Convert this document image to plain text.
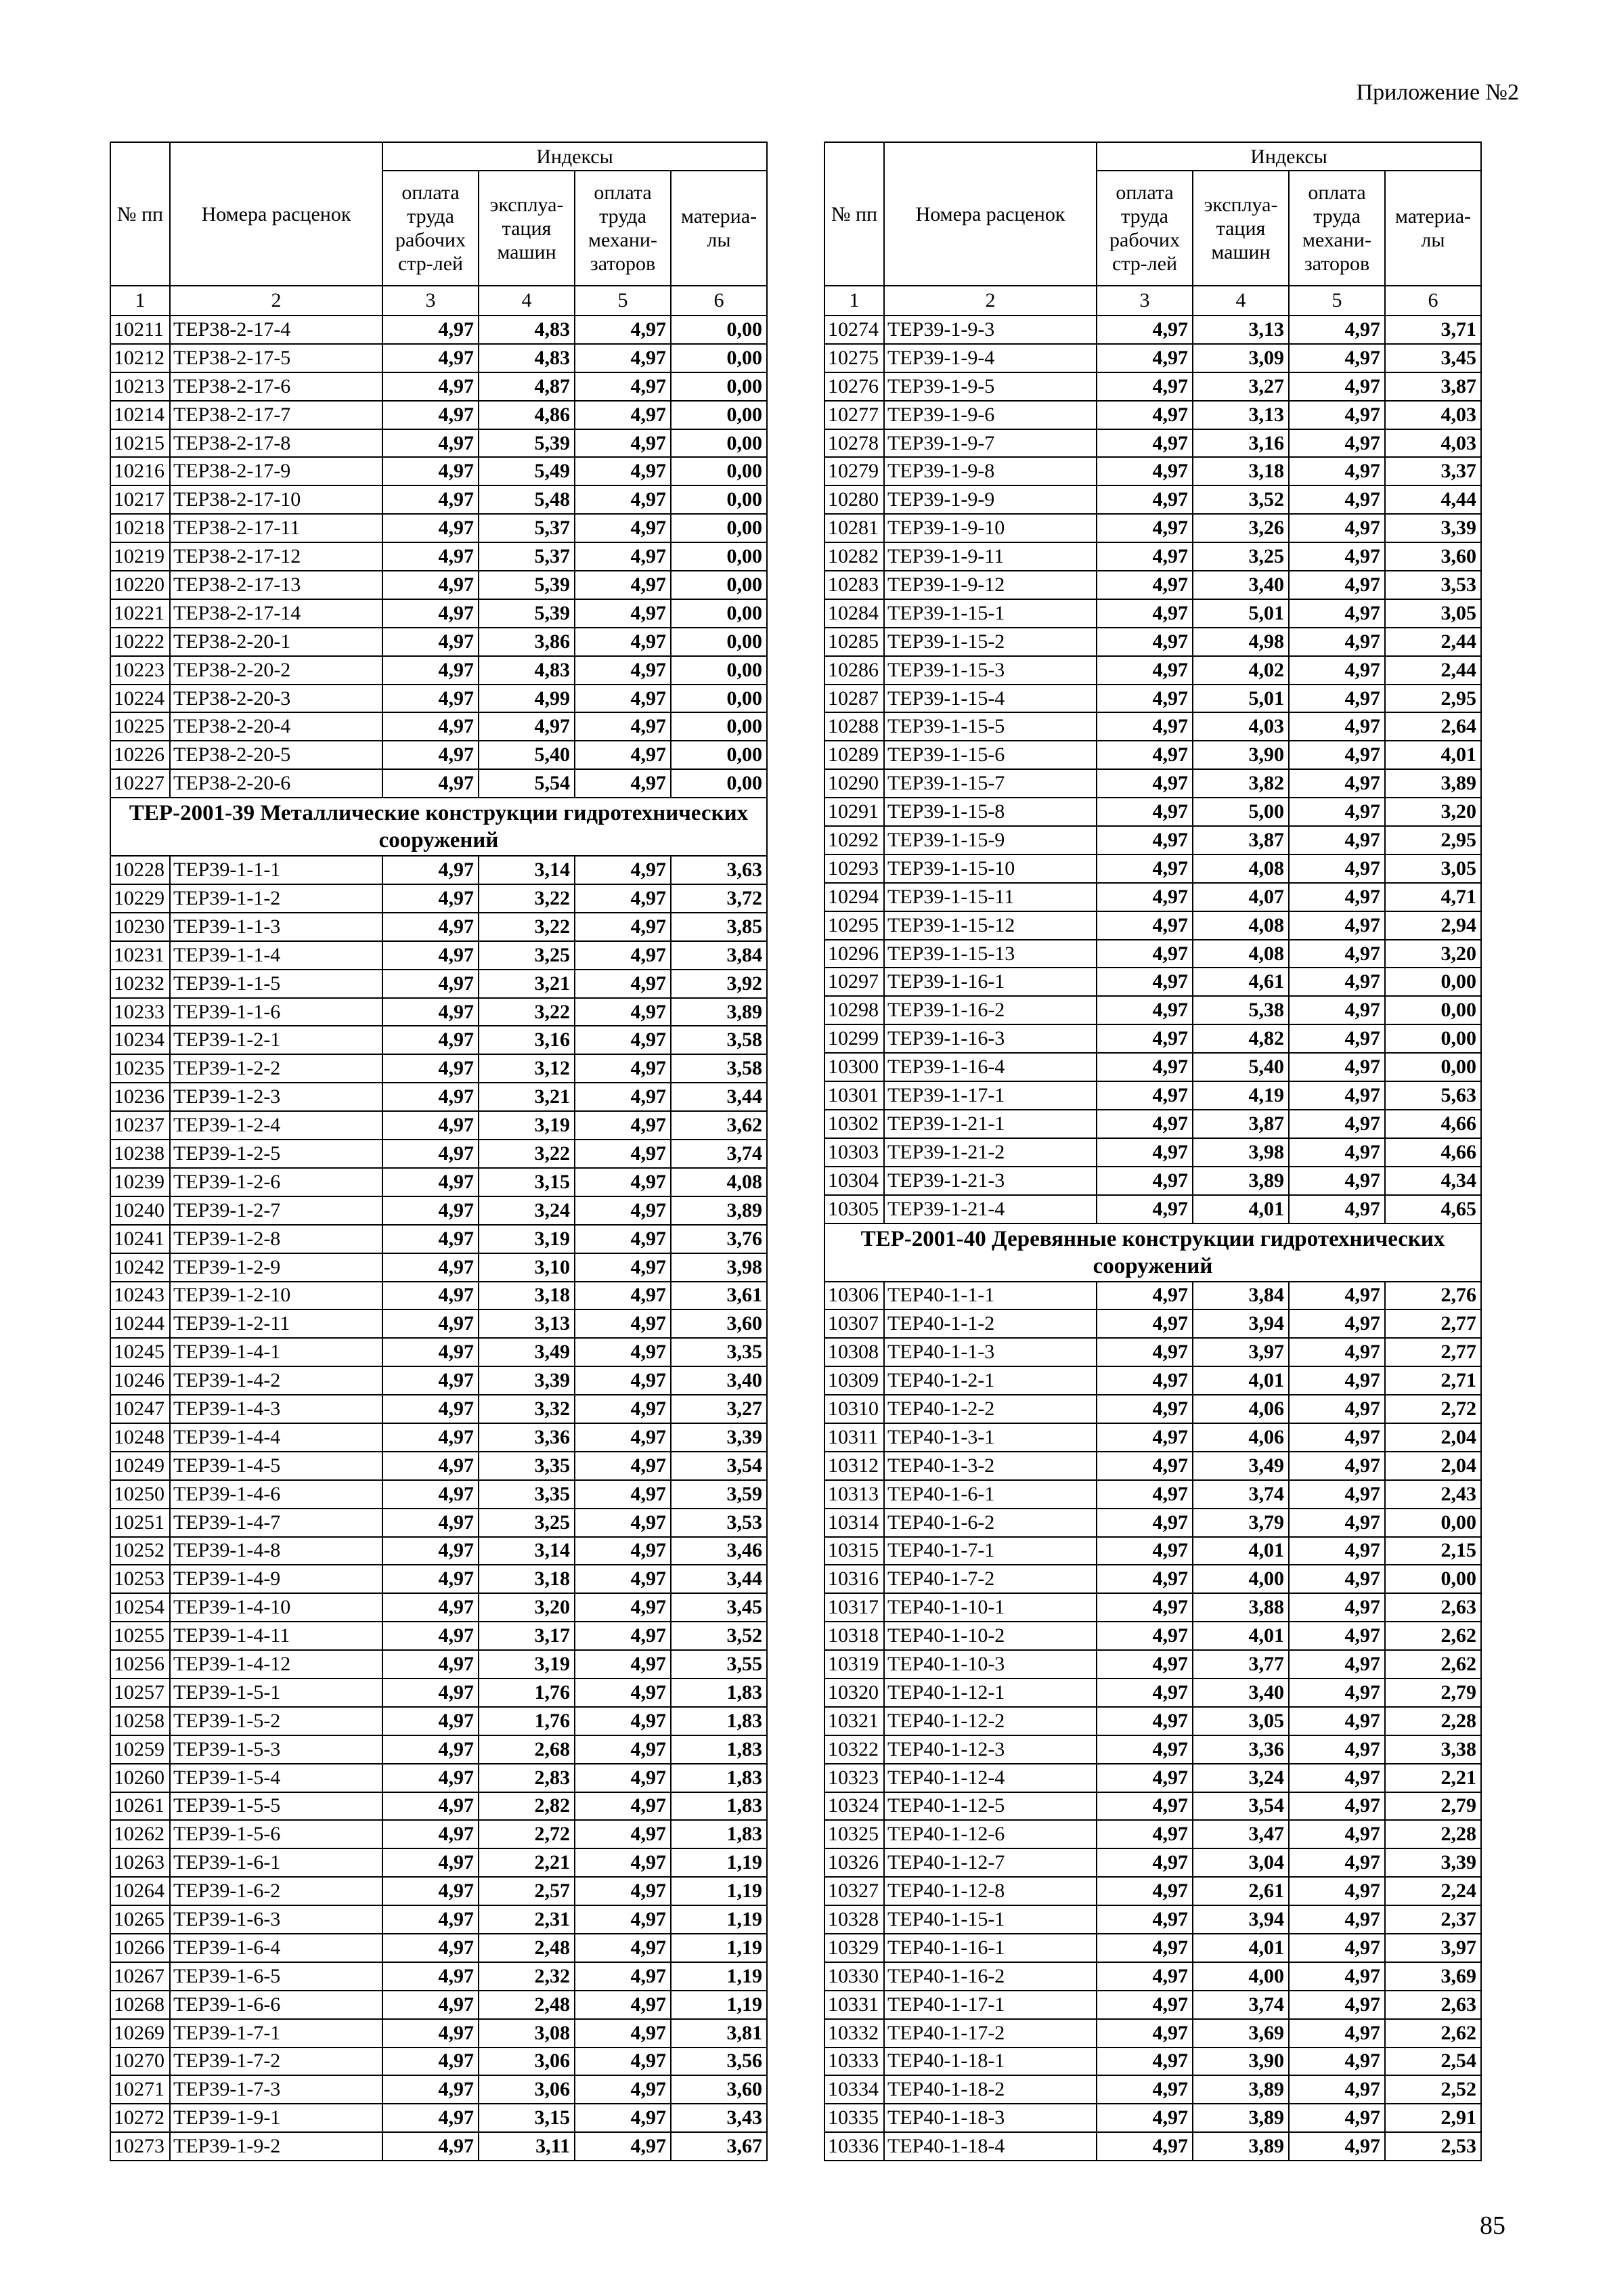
Приложение №2
№ пп	Номера расценок	Индексы			
		оплата труда рабочих стр-лей	эксплуа-тация машин	оплата труда механи-заторов	материа-лы
1	2	3	4	5	6
10211	ТЕР38-2-17-4	4,97	4,83	4,97	0,00
10212	ТЕР38-2-17-5	4,97	4,83	4,97	0,00
10213	ТЕР38-2-17-6	4,97	4,87	4,97	0,00
10214	ТЕР38-2-17-7	4,97	4,86	4,97	0,00
10215	ТЕР38-2-17-8	4,97	5,39	4,97	0,00
10216	ТЕР38-2-17-9	4,97	5,49	4,97	0,00
10217	ТЕР38-2-17-10	4,97	5,48	4,97	0,00
10218	ТЕР38-2-17-11	4,97	5,37	4,97	0,00
10219	ТЕР38-2-17-12	4,97	5,37	4,97	0,00
10220	ТЕР38-2-17-13	4,97	5,39	4,97	0,00
10221	ТЕР38-2-17-14	4,97	5,39	4,97	0,00
10222	ТЕР38-2-20-1	4,97	3,86	4,97	0,00
10223	ТЕР38-2-20-2	4,97	4,83	4,97	0,00
10224	ТЕР38-2-20-3	4,97	4,99	4,97	0,00
10225	ТЕР38-2-20-4	4,97	4,97	4,97	0,00
10226	ТЕР38-2-20-5	4,97	5,40	4,97	0,00
10227	ТЕР38-2-20-6	4,97	5,54	4,97	0,00
ТЕР-2001-39 Металлические конструкции гидротехнических сооружений					
10228	ТЕР39-1-1-1	4,97	3,14	4,97	3,63
10229	ТЕР39-1-1-2	4,97	3,22	4,97	3,72
10230	ТЕР39-1-1-3	4,97	3,22	4,97	3,85
10231	ТЕР39-1-1-4	4,97	3,25	4,97	3,84
10232	ТЕР39-1-1-5	4,97	3,21	4,97	3,92
10233	ТЕР39-1-1-6	4,97	3,22	4,97	3,89
10234	ТЕР39-1-2-1	4,97	3,16	4,97	3,58
10235	ТЕР39-1-2-2	4,97	3,12	4,97	3,58
10236	ТЕР39-1-2-3	4,97	3,21	4,97	3,44
10237	ТЕР39-1-2-4	4,97	3,19	4,97	3,62
10238	ТЕР39-1-2-5	4,97	3,22	4,97	3,74
10239	ТЕР39-1-2-6	4,97	3,15	4,97	4,08
10240	ТЕР39-1-2-7	4,97	3,24	4,97	3,89
10241	ТЕР39-1-2-8	4,97	3,19	4,97	3,76
10242	ТЕР39-1-2-9	4,97	3,10	4,97	3,98
10243	ТЕР39-1-2-10	4,97	3,18	4,97	3,61
10244	ТЕР39-1-2-11	4,97	3,13	4,97	3,60
10245	ТЕР39-1-4-1	4,97	3,49	4,97	3,35
10246	ТЕР39-1-4-2	4,97	3,39	4,97	3,40
10247	ТЕР39-1-4-3	4,97	3,32	4,97	3,27
10248	ТЕР39-1-4-4	4,97	3,36	4,97	3,39
10249	ТЕР39-1-4-5	4,97	3,35	4,97	3,54
10250	ТЕР39-1-4-6	4,97	3,35	4,97	3,59
10251	ТЕР39-1-4-7	4,97	3,25	4,97	3,53
10252	ТЕР39-1-4-8	4,97	3,14	4,97	3,46
10253	ТЕР39-1-4-9	4,97	3,18	4,97	3,44
10254	ТЕР39-1-4-10	4,97	3,20	4,97	3,45
10255	ТЕР39-1-4-11	4,97	3,17	4,97	3,52
10256	ТЕР39-1-4-12	4,97	3,19	4,97	3,55
10257	ТЕР39-1-5-1	4,97	1,76	4,97	1,83
10258	ТЕР39-1-5-2	4,97	1,76	4,97	1,83
10259	ТЕР39-1-5-3	4,97	2,68	4,97	1,83
10260	ТЕР39-1-5-4	4,97	2,83	4,97	1,83
10261	ТЕР39-1-5-5	4,97	2,82	4,97	1,83
10262	ТЕР39-1-5-6	4,97	2,72	4,97	1,83
10263	ТЕР39-1-6-1	4,97	2,21	4,97	1,19
10264	ТЕР39-1-6-2	4,97	2,57	4,97	1,19
10265	ТЕР39-1-6-3	4,97	2,31	4,97	1,19
10266	ТЕР39-1-6-4	4,97	2,48	4,97	1,19
10267	ТЕР39-1-6-5	4,97	2,32	4,97	1,19
10268	ТЕР39-1-6-6	4,97	2,48	4,97	1,19
10269	ТЕР39-1-7-1	4,97	3,08	4,97	3,81
10270	ТЕР39-1-7-2	4,97	3,06	4,97	3,56
10271	ТЕР39-1-7-3	4,97	3,06	4,97	3,60
10272	ТЕР39-1-9-1	4,97	3,15	4,97	3,43
10273	ТЕР39-1-9-2	4,97	3,11	4,97	3,67
№ пп	Номера расценок	Индексы			
		оплата труда рабочих стр-лей	эксплуа-тация машин	оплата труда механи-заторов	материа-лы
1	2	3	4	5	6
10274	ТЕР39-1-9-3	4,97	3,13	4,97	3,71
10275	ТЕР39-1-9-4	4,97	3,09	4,97	3,45
10276	ТЕР39-1-9-5	4,97	3,27	4,97	3,87
10277	ТЕР39-1-9-6	4,97	3,13	4,97	4,03
10278	ТЕР39-1-9-7	4,97	3,16	4,97	4,03
10279	ТЕР39-1-9-8	4,97	3,18	4,97	3,37
10280	ТЕР39-1-9-9	4,97	3,52	4,97	4,44
10281	ТЕР39-1-9-10	4,97	3,26	4,97	3,39
10282	ТЕР39-1-9-11	4,97	3,25	4,97	3,60
10283	ТЕР39-1-9-12	4,97	3,40	4,97	3,53
10284	ТЕР39-1-15-1	4,97	5,01	4,97	3,05
10285	ТЕР39-1-15-2	4,97	4,98	4,97	2,44
10286	ТЕР39-1-15-3	4,97	4,02	4,97	2,44
10287	ТЕР39-1-15-4	4,97	5,01	4,97	2,95
10288	ТЕР39-1-15-5	4,97	4,03	4,97	2,64
10289	ТЕР39-1-15-6	4,97	3,90	4,97	4,01
10290	ТЕР39-1-15-7	4,97	3,82	4,97	3,89
10291	ТЕР39-1-15-8	4,97	5,00	4,97	3,20
10292	ТЕР39-1-15-9	4,97	3,87	4,97	2,95
10293	ТЕР39-1-15-10	4,97	4,08	4,97	3,05
10294	ТЕР39-1-15-11	4,97	4,07	4,97	4,71
10295	ТЕР39-1-15-12	4,97	4,08	4,97	2,94
10296	ТЕР39-1-15-13	4,97	4,08	4,97	3,20
10297	ТЕР39-1-16-1	4,97	4,61	4,97	0,00
10298	ТЕР39-1-16-2	4,97	5,38	4,97	0,00
10299	ТЕР39-1-16-3	4,97	4,82	4,97	0,00
10300	ТЕР39-1-16-4	4,97	5,40	4,97	0,00
10301	ТЕР39-1-17-1	4,97	4,19	4,97	5,63
10302	ТЕР39-1-21-1	4,97	3,87	4,97	4,66
10303	ТЕР39-1-21-2	4,97	3,98	4,97	4,66
10304	ТЕР39-1-21-3	4,97	3,89	4,97	4,34
10305	ТЕР39-1-21-4	4,97	4,01	4,97	4,65
ТЕР-2001-40 Деревянные конструкции гидротехнических сооружений					
10306	ТЕР40-1-1-1	4,97	3,84	4,97	2,76
10307	ТЕР40-1-1-2	4,97	3,94	4,97	2,77
10308	ТЕР40-1-1-3	4,97	3,97	4,97	2,77
10309	ТЕР40-1-2-1	4,97	4,01	4,97	2,71
10310	ТЕР40-1-2-2	4,97	4,06	4,97	2,72
10311	ТЕР40-1-3-1	4,97	4,06	4,97	2,04
10312	ТЕР40-1-3-2	4,97	3,49	4,97	2,04
10313	ТЕР40-1-6-1	4,97	3,74	4,97	2,43
10314	ТЕР40-1-6-2	4,97	3,79	4,97	0,00
10315	ТЕР40-1-7-1	4,97	4,01	4,97	2,15
10316	ТЕР40-1-7-2	4,97	4,00	4,97	0,00
10317	ТЕР40-1-10-1	4,97	3,88	4,97	2,63
10318	ТЕР40-1-10-2	4,97	4,01	4,97	2,62
10319	ТЕР40-1-10-3	4,97	3,77	4,97	2,62
10320	ТЕР40-1-12-1	4,97	3,40	4,97	2,79
10321	ТЕР40-1-12-2	4,97	3,05	4,97	2,28
10322	ТЕР40-1-12-3	4,97	3,36	4,97	3,38
10323	ТЕР40-1-12-4	4,97	3,24	4,97	2,21
10324	ТЕР40-1-12-5	4,97	3,54	4,97	2,79
10325	ТЕР40-1-12-6	4,97	3,47	4,97	2,28
10326	ТЕР40-1-12-7	4,97	3,04	4,97	3,39
10327	ТЕР40-1-12-8	4,97	2,61	4,97	2,24
10328	ТЕР40-1-15-1	4,97	3,94	4,97	2,37
10329	ТЕР40-1-16-1	4,97	4,01	4,97	3,97
10330	ТЕР40-1-16-2	4,97	4,00	4,97	3,69
10331	ТЕР40-1-17-1	4,97	3,74	4,97	2,63
10332	ТЕР40-1-17-2	4,97	3,69	4,97	2,62
10333	ТЕР40-1-18-1	4,97	3,90	4,97	2,54
10334	ТЕР40-1-18-2	4,97	3,89	4,97	2,52
10335	ТЕР40-1-18-3	4,97	3,89	4,97	2,91
10336	ТЕР40-1-18-4	4,97	3,89	4,97	2,53
85
